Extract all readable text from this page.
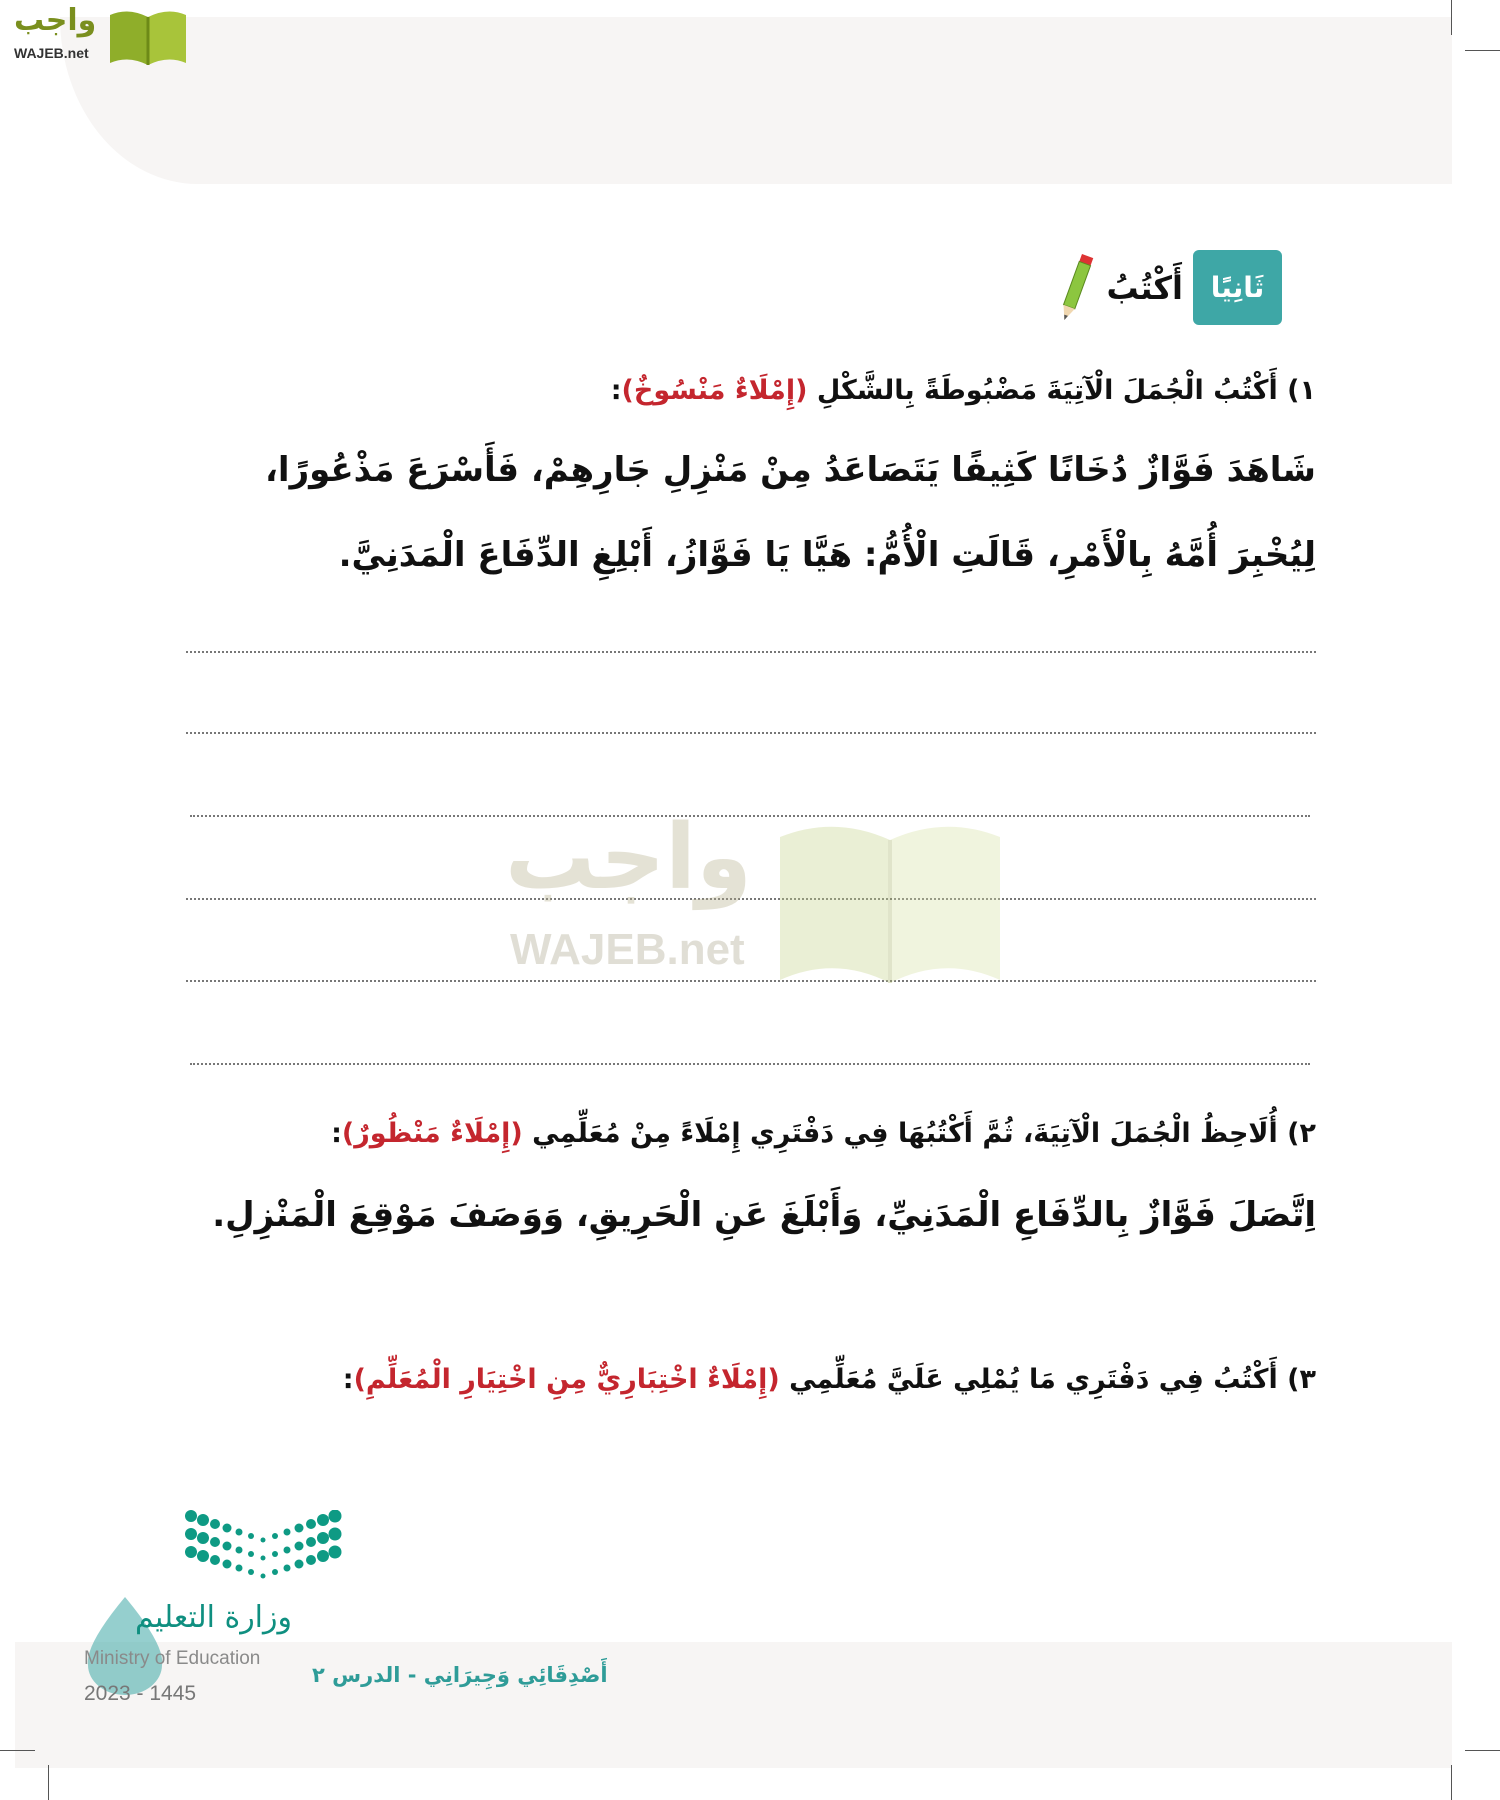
واجب
WAJEB.net
ثَانِيًا
أَكْتُبُ
١) أَكْتُبُ الْجُمَلَ الْآتِيَةَ مَضْبُوطَةً بِالشَّكْلِ (إِمْلَاءٌ مَنْسُوخٌ):
شَاهَدَ فَوَّازٌ دُخَانًا كَثِيفًا يَتَصَاعَدُ مِنْ مَنْزِلِ جَارِهِمْ، فَأَسْرَعَ مَذْعُورًا،
لِيُخْبِرَ أُمَّهُ بِالْأَمْرِ، قَالَتِ الْأُمُّ: هَيَّا يَا فَوَّازُ، أَبْلِغِ الدِّفَاعَ الْمَدَنِيَّ.
واجب
WAJEB.net
٢) أُلَاحِظُ الْجُمَلَ الْآتِيَةَ، ثُمَّ أَكْتُبُهَا فِي دَفْتَرِي إِمْلَاءً مِنْ مُعَلِّمِي (إِمْلَاءٌ مَنْظُورٌ):
اِتَّصَلَ فَوَّازٌ بِالدِّفَاعِ الْمَدَنِيِّ، وَأَبْلَغَ عَنِ الْحَرِيقِ، وَوَصَفَ مَوْقِعَ الْمَنْزِلِ.
٣) أَكْتُبُ فِي دَفْتَرِي مَا يُمْلِي عَلَيَّ مُعَلِّمِي (إِمْلَاءٌ اخْتِبَارِيٌّ مِنِ اخْتِيَارِ الْمُعَلِّمِ):
وزارة التعليم
Ministry of Education
2023 - 1445
أَصْدِقَائِي وَجِيرَانِي - الدرس ٢
